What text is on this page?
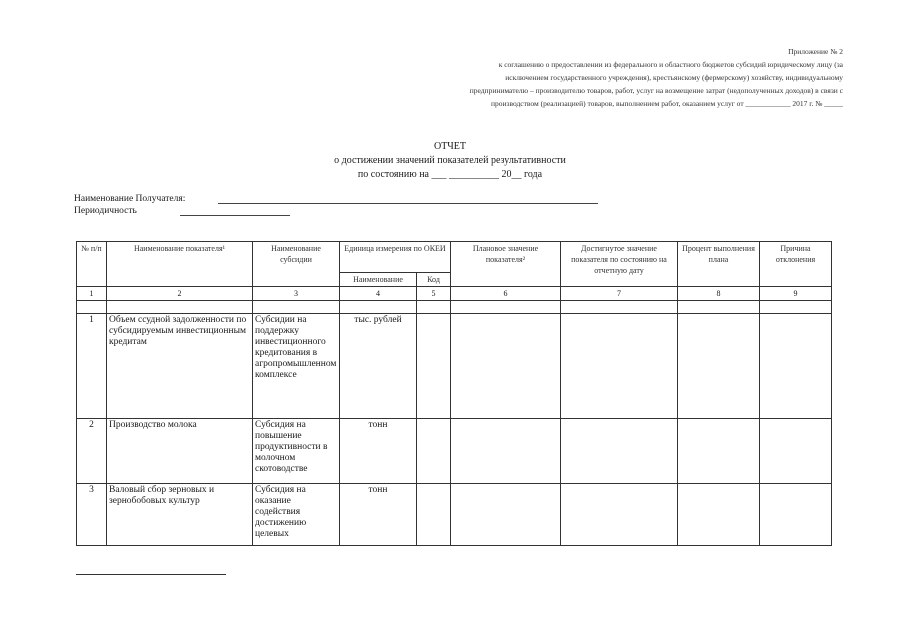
Приложение № 2
к соглашению о предоставлении из федерального и областного бюджетов субсидий юридическому лицу (за
исключением государственного учреждения), крестьянскому (фермерскому) хозяйству, индивидуальному
предпринимателю – производителю товаров, работ, услуг на возмещение затрат (недополученных доходов) в связи с
производством (реализацией) товаров, выполнением работ, оказанием услуг от ____________ 2017 г. № _____
ОТЧЕТ
о достижении значений показателей результативности
по состоянию на ___ __________ 20__ года
Наименование Получателя:
Периодичность
№ п/п	Наименование показателя¹	Наименование субсидии	Единица измерения по ОКЕИ		Плановое значение показателя²	Достигнутое значение показателя по состоянию на отчетную дату	Процент выполнения плана	Причина отклонения
			Наименование	Код				
1	2	3	4	5	6	7	8	9

1	Объем ссудной задолженности по субсидируемым инвестиционным кредитам	Субсидии на поддержку инвестиционного кредитования в агропромышленном комплексе	тыс. рублей					
2	Производство молока	Субсидия на повышение продуктивности в молочном скотоводстве	тонн					
3	Валовый сбор зерновых и зернобобовых культур	Субсидия на оказание содействия достижению целевых	тонн					
